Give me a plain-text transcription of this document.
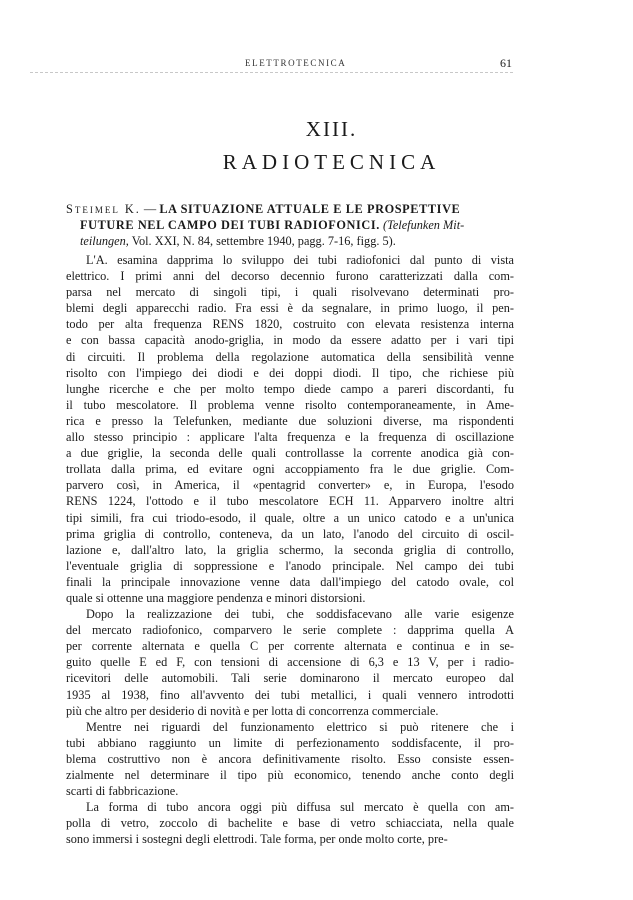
ELETTROTECNICA	61
XIII.
RADIOTECNICA
Steimel K. — LA SITUAZIONE ATTUALE E LE PROSPETTIVE
FUTURE NEL CAMPO DEI TUBI RADIOFONICI. (Telefunken Mit-
teilungen, Vol. XXI, N. 84, settembre 1940, pagg. 7-16, figg. 5).
L'A. esamina dapprima lo sviluppo dei tubi radiofonici dal punto di vista
elettrico. I primi anni del decorso decennio furono caratterizzati dalla com-
parsa nel mercato di singoli tipi, i quali risolvevano determinati pro-
blemi degli apparecchi radio. Fra essi è da segnalare, in primo luogo, il pen-
todo per alta frequenza RENS 1820, costruito con elevata resistenza interna
e con bassa capacità anodo-griglia, in modo da essere adatto per i vari tipi
di circuiti. Il problema della regolazione automatica della sensibilità venne
risolto con l'impiego dei diodi e dei doppi diodi. Il tipo, che richiese più
lunghe ricerche e che per molto tempo diede campo a pareri discordanti, fu
il tubo mescolatore. Il problema venne risolto contemporaneamente, in Ame-
rica e presso la Telefunken, mediante due soluzioni diverse, ma rispondenti
allo stesso principio : applicare l'alta frequenza e la frequenza di oscillazione
a due griglie, la seconda delle quali controllasse la corrente anodica già con-
trollata dalla prima, ed evitare ogni accoppiamento fra le due griglie. Com-
parvero così, in America, il «pentagrid converter» e, in Europa, l'esodo
RENS 1224, l'ottodo e il tubo mescolatore ECH 11. Apparvero inoltre altri
tipi simili, fra cui triodo-esodo, il quale, oltre a un unico catodo e a un'unica
prima griglia di controllo, conteneva, da un lato, l'anodo del circuito di oscil-
lazione e, dall'altro lato, la griglia schermo, la seconda griglia di controllo,
l'eventuale griglia di soppressione e l'anodo principale. Nel campo dei tubi
finali la principale innovazione venne data dall'impiego del catodo ovale, col
quale si ottenne una maggiore pendenza e minori distorsioni.
Dopo la realizzazione dei tubi, che soddisfacevano alle varie esigenze
del mercato radiofonico, comparvero le serie complete : dapprima quella A
per corrente alternata e quella C per corrente alternata e continua e in se-
guito quelle E ed F, con tensioni di accensione di 6,3 e 13 V, per i radio-
ricevitori delle automobili. Tali serie dominarono il mercato europeo dal
1935 al 1938, fino all'avvento dei tubi metallici, i quali vennero introdotti
più che altro per desiderio di novità e per lotta di concorrenza commerciale.
Mentre nei riguardi del funzionamento elettrico si può ritenere che i
tubi abbiano raggiunto un limite di perfezionamento soddisfacente, il pro-
blema costruttivo non è ancora definitivamente risolto. Esso consiste essen-
zialmente nel determinare il tipo più economico, tenendo anche conto degli
scarti di fabbricazione.
La forma di tubo ancora oggi più diffusa sul mercato è quella con am-
polla di vetro, zoccolo di bachelite e base di vetro schiacciata, nella quale
sono immersi i sostegni degli elettrodi. Tale forma, per onde molto corte, pre-
